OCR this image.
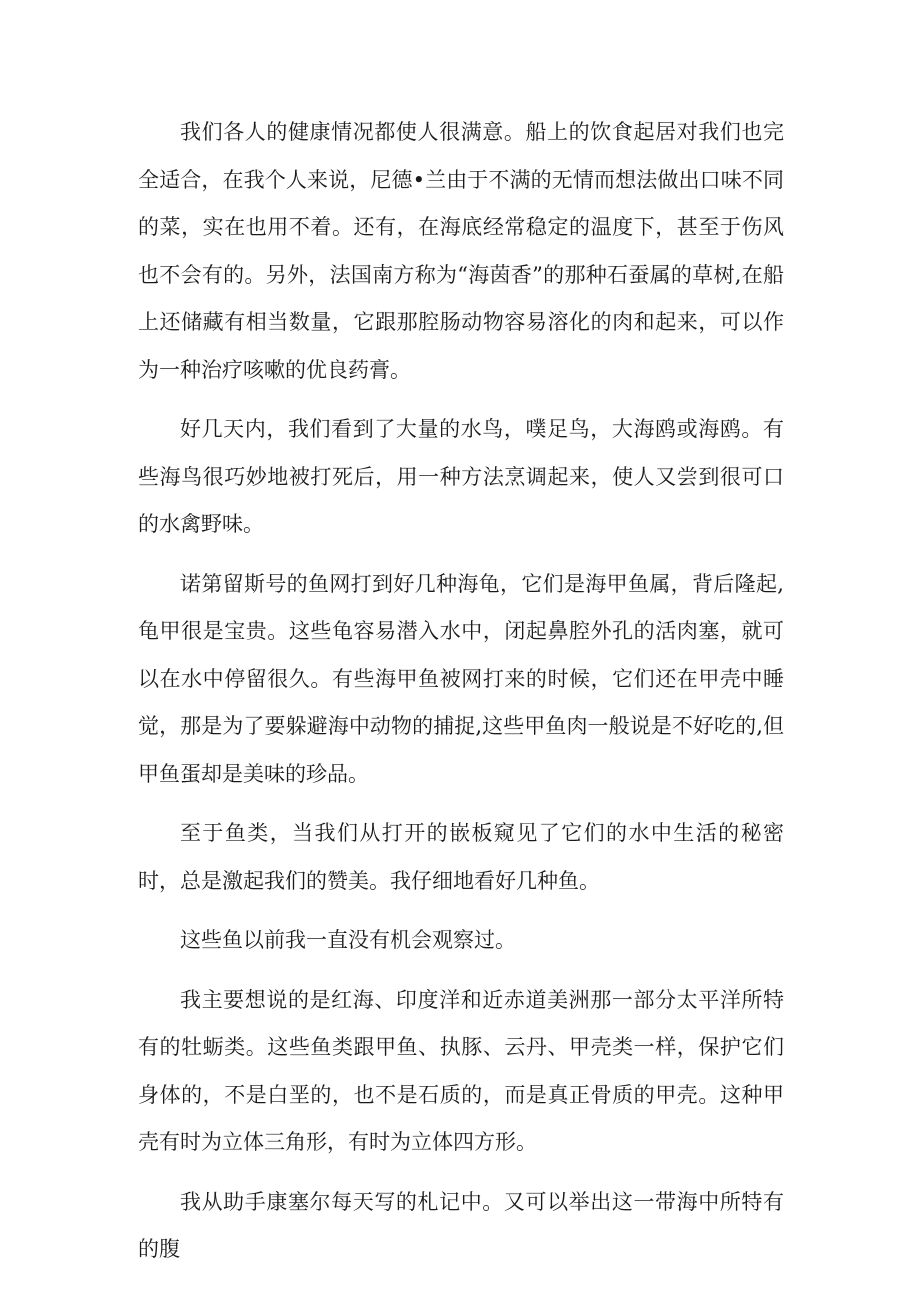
我们各人的健康情况都使人很满意。船上的饮食起居对我们也完全适合，在我个人来说，尼德•兰由于不满的无情而想法做出口味不同的菜，实在也用不着。还有，在海底经常稳定的温度下，甚至于伤风也不会有的。另外，法国南方称为“海茵香”的那种石蚕属的草树,在船上还储藏有相当数量，它跟那腔肠动物容易溶化的肉和起来，可以作为一种治疗咳嗽的优良药膏。

好几天内，我们看到了大量的水鸟，噗足鸟，大海鸥或海鸥。有些海鸟很巧妙地被打死后，用一种方法烹调起来，使人又尝到很可口的水禽野味。

诺第留斯号的鱼网打到好几种海龟，它们是海甲鱼属，背后隆起,龟甲很是宝贵。这些龟容易潜入水中，闭起鼻腔外孔的活肉塞，就可以在水中停留很久。有些海甲鱼被网打来的时候，它们还在甲壳中睡觉，那是为了要躲避海中动物的捕捉,这些甲鱼肉一般说是不好吃的,但甲鱼蛋却是美味的珍品。

至于鱼类，当我们从打开的嵌板窥见了它们的水中生活的秘密时，总是激起我们的赞美。我仔细地看好几种鱼。

这些鱼以前我一直没有机会观察过。

我主要想说的是红海、印度洋和近赤道美洲那一部分太平洋所特有的牡蛎类。这些鱼类跟甲鱼、执豚、云丹、甲壳类一样，保护它们身体的，不是白垩的，也不是石质的，而是真正骨质的甲壳。这种甲壳有时为立体三角形，有时为立体四方形。

我从助手康塞尔每天写的札记中。又可以举出这一带海中所特有的腹
